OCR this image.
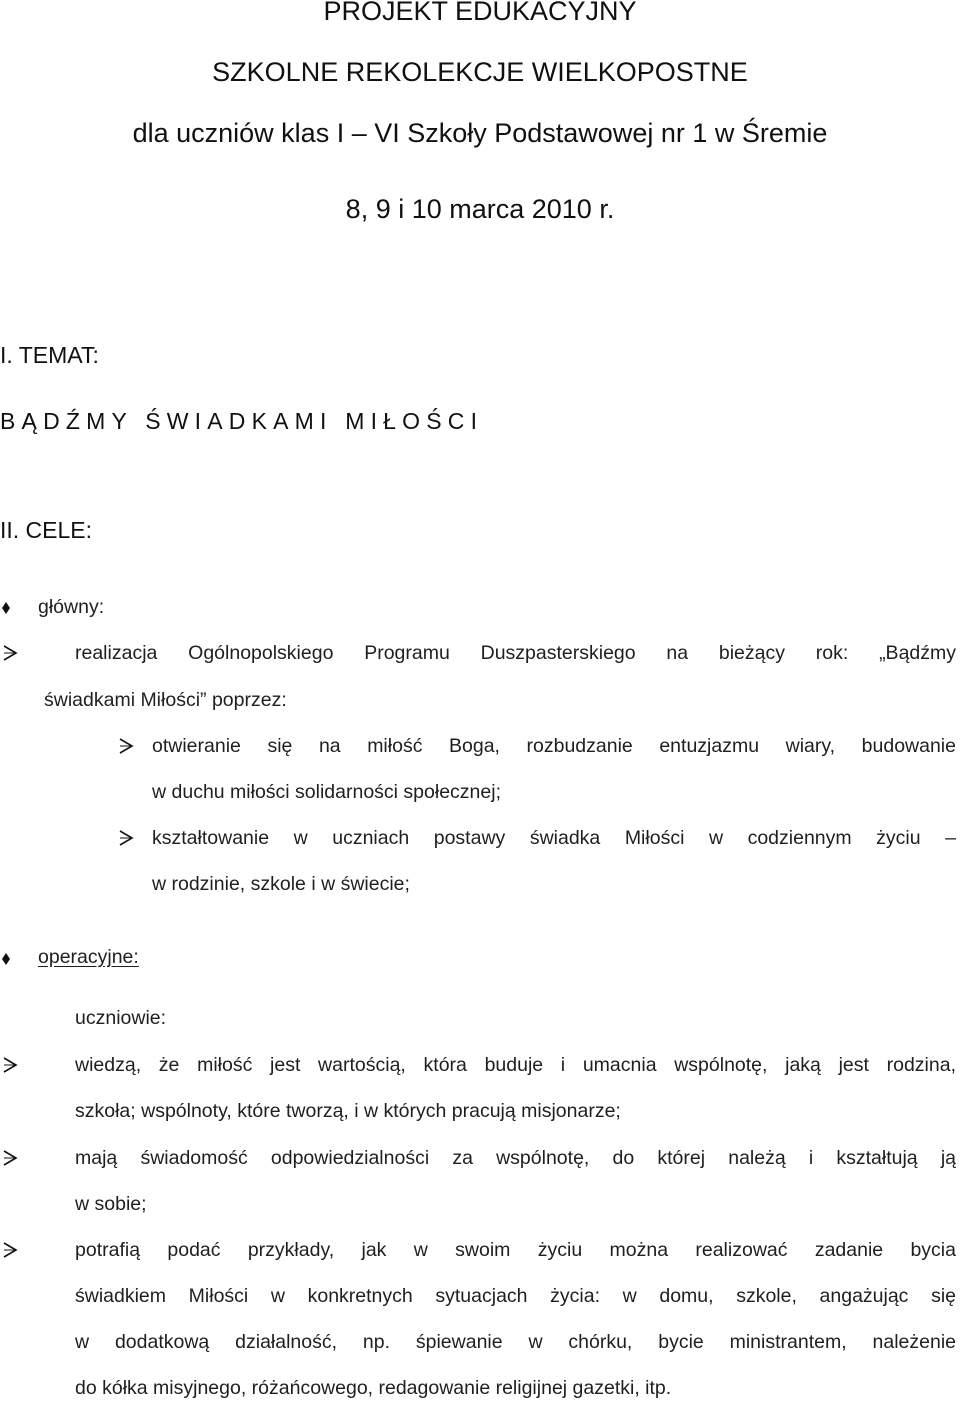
PROJEKT EDUKACYJNY
SZKOLNE REKOLEKCJE WIELKOPOSTNE
dla uczniów klas I – VI Szkoły Podstawowej nr 1 w Śremie
8, 9 i 10 marca 2010 r.
I. TEMAT:
BĄDŹMY ŚWIADKAMI MIŁOŚCI
II. CELE:
główny:
realizacja Ogólnopolskiego Programu Duszpasterskiego na bieżący rok: „Bądźmy
świadkami Miłości” poprzez:
otwieranie się na miłość Boga, rozbudzanie entuzjazmu wiary, budowanie
w duchu miłości solidarności społecznej;
kształtowanie w uczniach postawy świadka Miłości w codziennym życiu –
w rodzinie, szkole i w świecie;
operacyjne:
uczniowie:
wiedzą, że miłość jest wartością, która buduje i umacnia wspólnotę, jaką jest rodzina,
szkoła; wspólnoty, które tworzą, i w których pracują misjonarze;
mają świadomość odpowiedzialności za wspólnotę, do której należą i kształtują ją
w sobie;
potrafią podać przykłady, jak w swoim życiu można realizować zadanie bycia
świadkiem Miłości w konkretnych sytuacjach życia: w domu, szkole, angażując się
w dodatkową działalność, np. śpiewanie w chórku, bycie ministrantem, należenie
do kółka misyjnego, różańcowego, redagowanie religijnej gazetki, itp.
